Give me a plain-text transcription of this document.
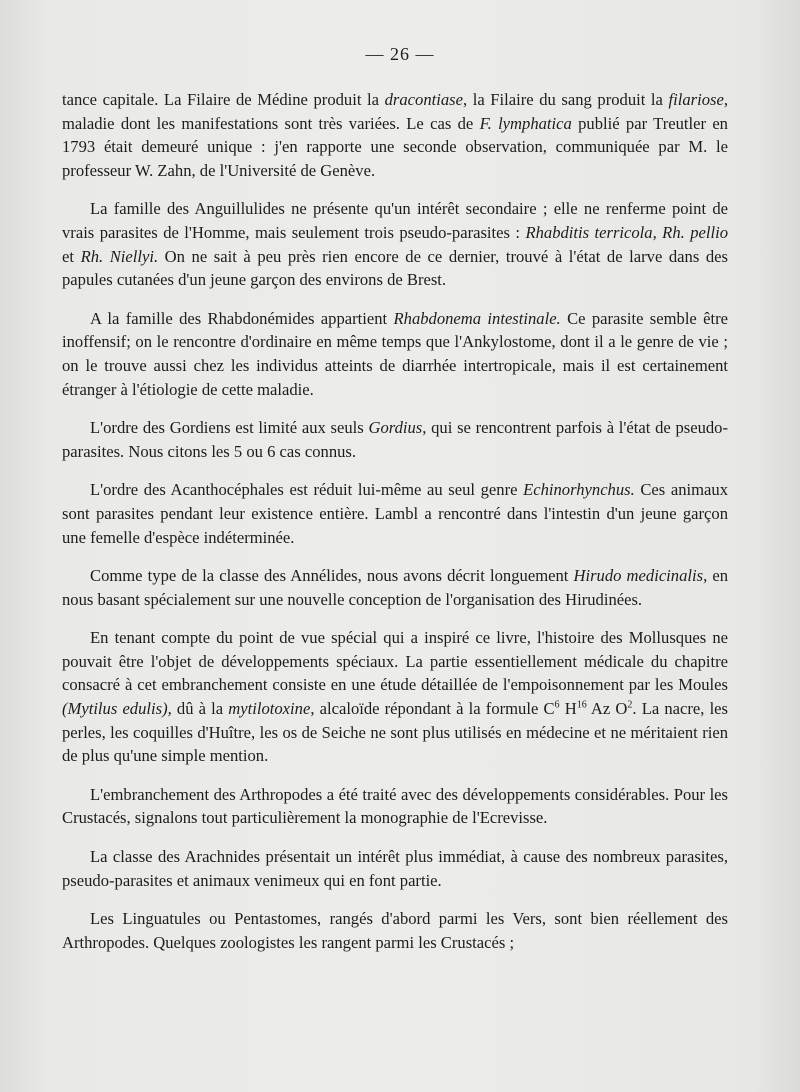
— 26 —

tance capitale. La Filaire de Médine produit la dracontiase, la Filaire du sang produit la filariose, maladie dont les manifestations sont très variées. Le cas de F. lymphatica publié par Treutler en 1793 était demeuré unique : j'en rapporte une seconde observation, communiquée par M. le professeur W. Zahn, de l'Université de Genève.

La famille des Anguillulides ne présente qu'un intérêt secondaire ; elle ne renferme point de vrais parasites de l'Homme, mais seulement trois pseudo-parasites : Rhabditis terricola, Rh. pellio et Rh. Niellyi. On ne sait à peu près rien encore de ce dernier, trouvé à l'état de larve dans des papules cutanées d'un jeune garçon des environs de Brest.

A la famille des Rhabdonémides appartient Rhabdonema intestinale. Ce parasite semble être inoffensif; on le rencontre d'ordinaire en même temps que l'Ankylostome, dont il a le genre de vie ; on le trouve aussi chez les individus atteints de diarrhée intertropicale, mais il est certainement étranger à l'étiologie de cette maladie.

L'ordre des Gordiens est limité aux seuls Gordius, qui se rencontrent parfois à l'état de pseudo-parasites. Nous citons les 5 ou 6 cas connus.

L'ordre des Acanthocéphales est réduit lui-même au seul genre Echinorhynchus. Ces animaux sont parasites pendant leur existence entière. Lambl a rencontré dans l'intestin d'un jeune garçon une femelle d'espèce indéterminée.

Comme type de la classe des Annélides, nous avons décrit longuement Hirudo medicinalis, en nous basant spécialement sur une nouvelle conception de l'organisation des Hirudinées.

En tenant compte du point de vue spécial qui a inspiré ce livre, l'histoire des Mollusques ne pouvait être l'objet de développements spéciaux. La partie essentiellement médicale du chapitre consacré à cet embranchement consiste en une étude détaillée de l'empoisonnement par les Moules (Mytilus edulis), dû à la mytilotoxine, alcaloïde répondant à la formule $C^6$ $H^{16}$ Az $O^2$. La nacre, les perles, les coquilles d'Huître, les os de Seiche ne sont plus utilisés en médecine et ne méritaient rien de plus qu'une simple mention.

L'embranchement des Arthropodes a été traité avec des développements considérables. Pour les Crustacés, signalons tout particulièrement la monographie de l'Ecrevisse.

La classe des Arachnides présentait un intérêt plus immédiat, à cause des nombreux parasites, pseudo-parasites et animaux venimeux qui en font partie.

Les Linguatules ou Pentastomes, rangés d'abord parmi les Vers, sont bien réellement des Arthropodes. Quelques zoologistes les rangent parmi les Crustacés ;
